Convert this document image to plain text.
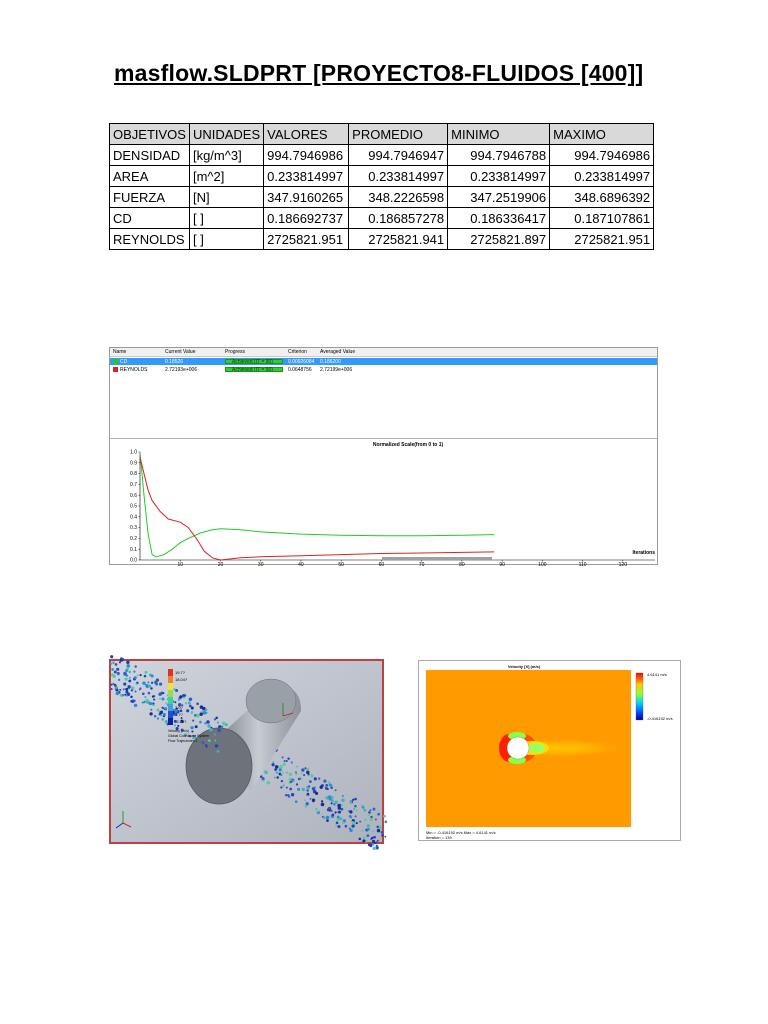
masflow.SLDPRT [PROYECTO8-FLUIDOS [400]]
OBJETIVOS	UNIDADES	VALORES	PROMEDIO	MINIMO	MAXIMO
DENSIDAD	[kg/m^3]	994.7946986	994.7946947	994.7946788	994.7946986
AREA	[m^2]	0.233814997	0.233814997	0.233814997	0.233814997
FUERZA	[N]	347.9160265	348.2226598	347.2519906	348.6896392
CD	[ ]	0.186692737	0.186857278	0.186336417	0.187107861
REYNOLDS	[ ]	2725821.951	2725821.941	2725821.897	2725821.951
Name	Current Value	Progress	Criterion	Averaged Value
CD	0.18526	Achieved (IT = 90)	0.00926084 0.186200
REYNOLDS	2.72193e+006	Achieved (IT = 90)	0.0648756 2.72199e+006
Normalized Scale(from 0 to 1)
Iterations
0.0
0.1
0.2
0.3
0.4
0.5
0.6
0.7
0.8
0.9
1.0
10	20	30	40	50	60	70	80	90	100	110	120
19.7?
18.04?
2.0?
1.7?
-2.36?
Velocity (m/s)
Global Coordinate System
Flow Trajectories 1
Velocity [X] (m/s)
4.6141 m/s
-0.416192 m/s
Min = -0.416192 m/s Max = 4.6141 m/s
Iteration = 139
